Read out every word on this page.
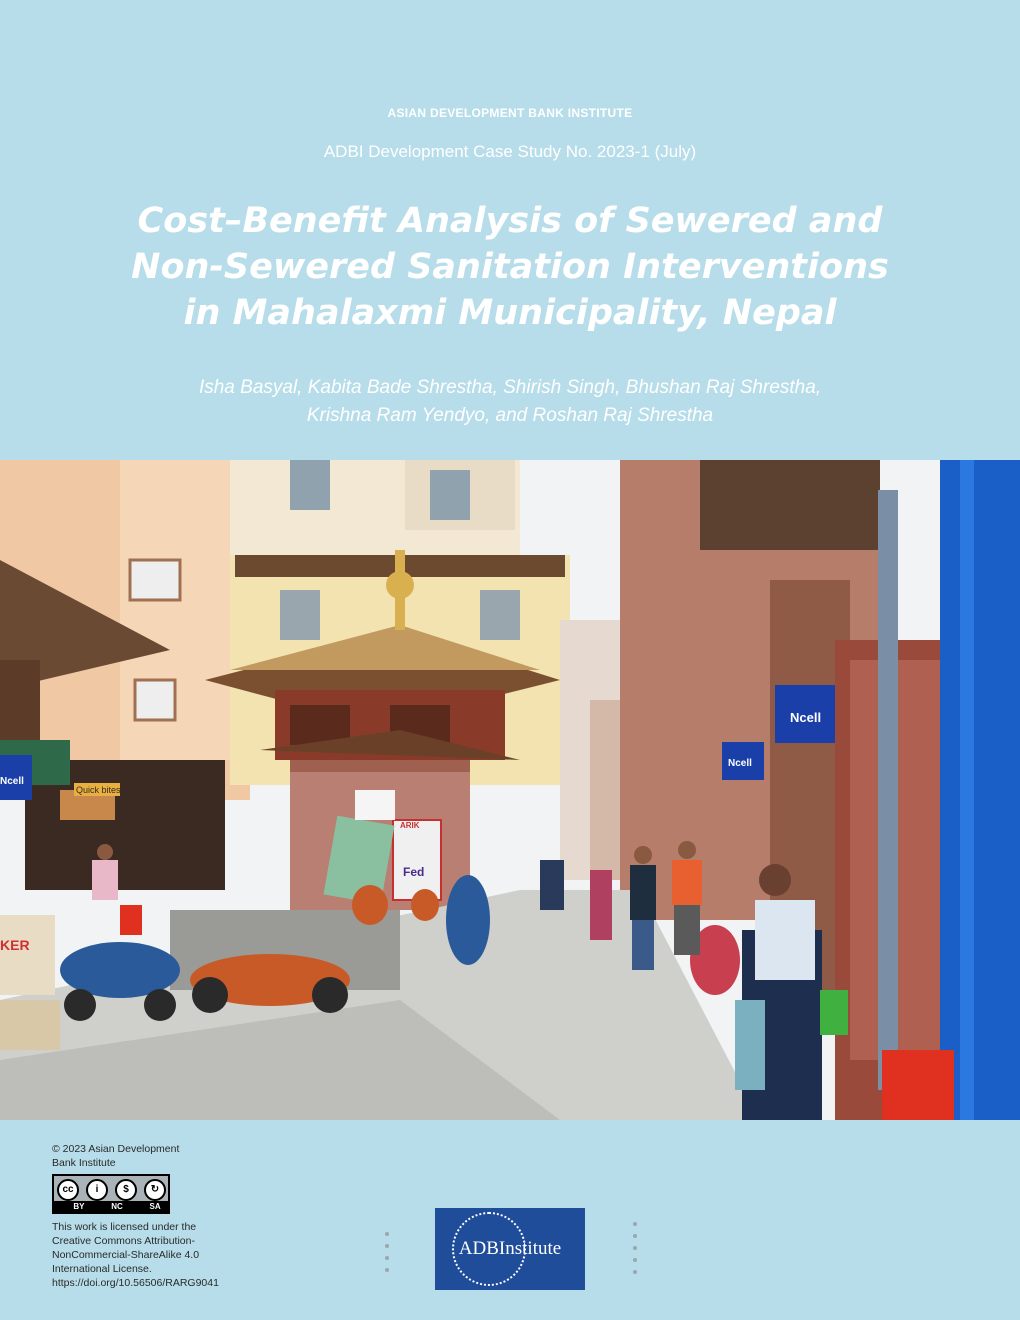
ASIAN DEVELOPMENT BANK INSTITUTE
ADBI Development Case Study No. 2023-1 (July)
Cost–Benefit Analysis of Sewered and
Non-Sewered Sanitation Interventions
in Mahalaxmi Municipality, Nepal
Isha Basyal, Kabita Bade Shrestha, Shirish Singh, Bhushan Raj Shrestha,
Krishna Ram Yendyo, and Roshan Raj Shrestha
Ncell
Ncell
Ncell
Quick bites
Fed
ARIK
KER
© 2023 Asian Development
Bank Institute
cc	i	$	↻
BY	NC	SA
This work is licensed under the
Creative Commons Attribution-
NonCommercial-ShareAlike 4.0
International License.
https://doi.org/10.56506/RARG9041
ADBInstitute
